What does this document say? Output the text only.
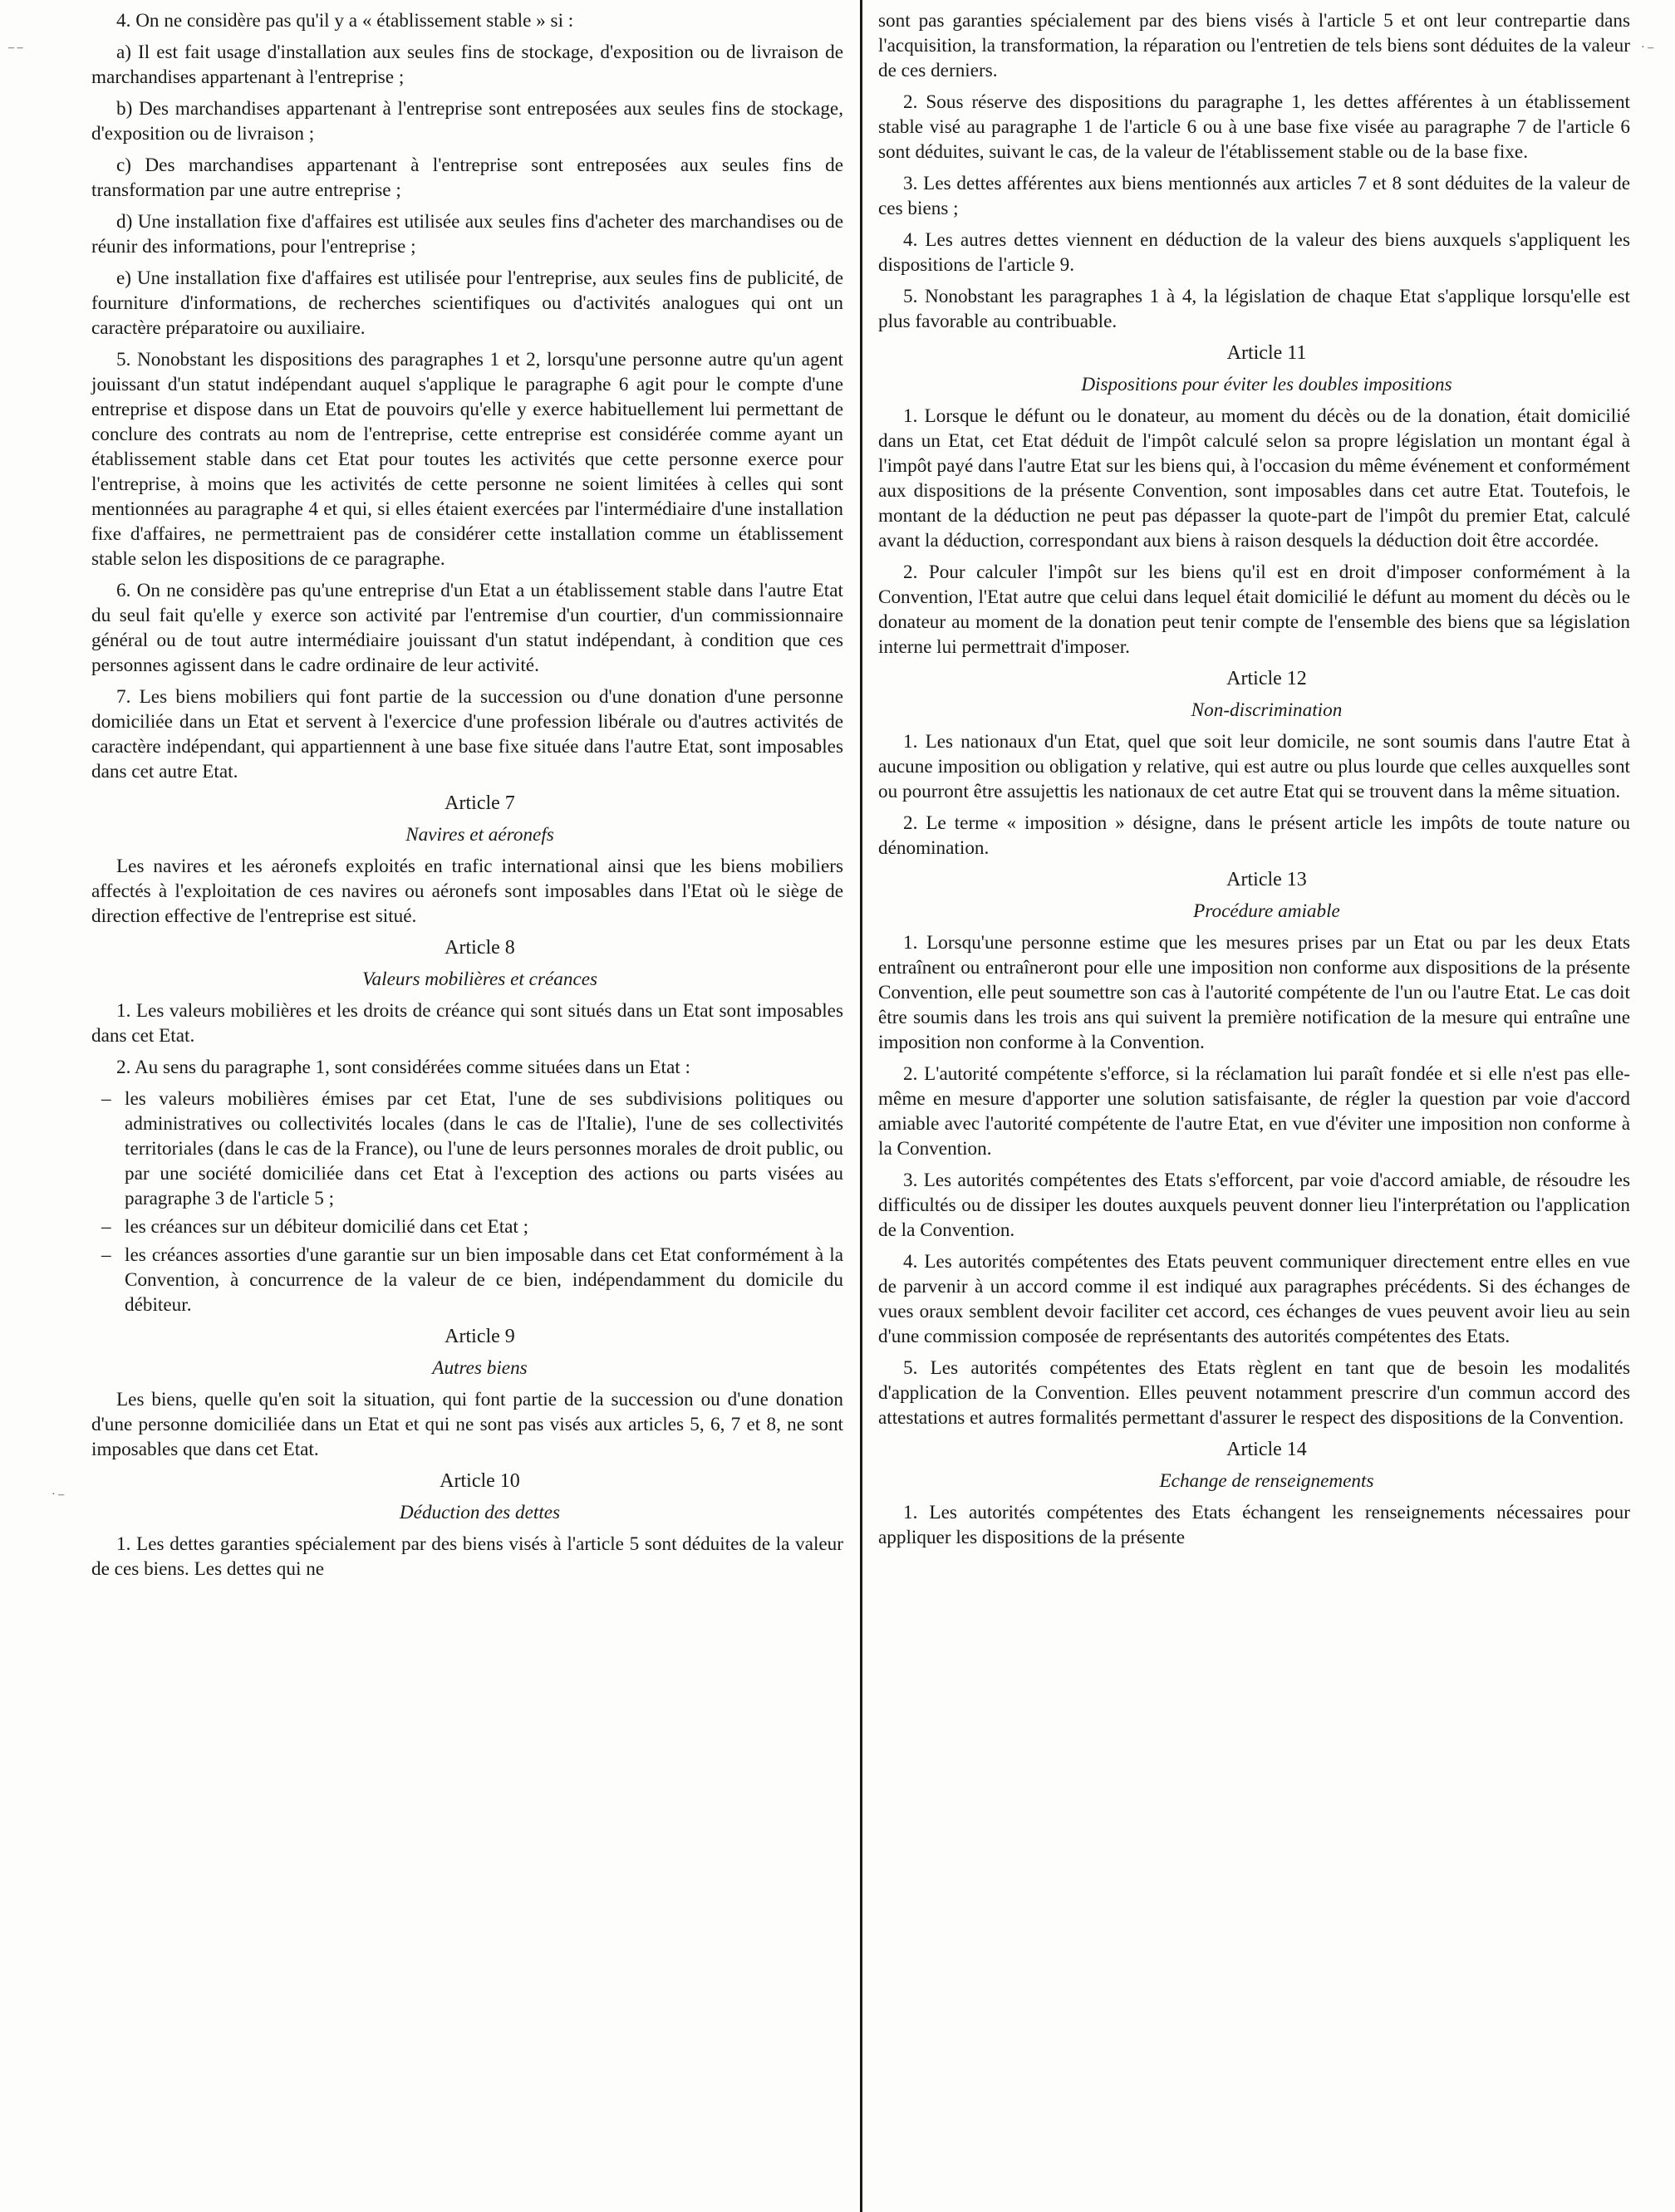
– –
· –
· –

4. On ne considère pas qu'il y a « établissement stable » si :

a) Il est fait usage d'installation aux seules fins de stockage, d'exposition ou de livraison de marchandises appartenant à l'entreprise ;

b) Des marchandises appartenant à l'entreprise sont entreposées aux seules fins de stockage, d'exposition ou de livraison ;

c) Des marchandises appartenant à l'entreprise sont entreposées aux seules fins de transformation par une autre entreprise ;

d) Une installation fixe d'affaires est utilisée aux seules fins d'acheter des marchandises ou de réunir des informations, pour l'entreprise ;

e) Une installation fixe d'affaires est utilisée pour l'entreprise, aux seules fins de publicité, de fourniture d'informations, de recherches scientifiques ou d'activités analogues qui ont un caractère préparatoire ou auxiliaire.

5. Nonobstant les dispositions des paragraphes 1 et 2, lorsqu'une personne autre qu'un agent jouissant d'un statut indépendant auquel s'applique le paragraphe 6 agit pour le compte d'une entreprise et dispose dans un Etat de pouvoirs qu'elle y exerce habituellement lui permettant de conclure des contrats au nom de l'entreprise, cette entreprise est considérée comme ayant un établissement stable dans cet Etat pour toutes les activités que cette personne exerce pour l'entreprise, à moins que les activités de cette personne ne soient limitées à celles qui sont mentionnées au paragraphe 4 et qui, si elles étaient exercées par l'intermédiaire d'une installation fixe d'affaires, ne permettraient pas de considérer cette installation comme un établissement stable selon les dispositions de ce paragraphe.

6. On ne considère pas qu'une entreprise d'un Etat a un établissement stable dans l'autre Etat du seul fait qu'elle y exerce son activité par l'entremise d'un courtier, d'un commissionnaire général ou de tout autre intermédiaire jouissant d'un statut indépendant, à condition que ces personnes agissent dans le cadre ordinaire de leur activité.

7. Les biens mobiliers qui font partie de la succession ou d'une donation d'une personne domiciliée dans un Etat et servent à l'exercice d'une profession libérale ou d'autres activités de caractère indépendant, qui appartiennent à une base fixe située dans l'autre Etat, sont imposables dans cet autre Etat.

Article 7

Navires et aéronefs

Les navires et les aéronefs exploités en trafic international ainsi que les biens mobiliers affectés à l'exploitation de ces navires ou aéronefs sont imposables dans l'Etat où le siège de direction effective de l'entreprise est situé.

Article 8

Valeurs mobilières et créances

1. Les valeurs mobilières et les droits de créance qui sont situés dans un Etat sont imposables dans cet Etat.

2. Au sens du paragraphe 1, sont considérées comme situées dans un Etat :

– les valeurs mobilières émises par cet Etat, l'une de ses subdivisions politiques ou administratives ou collectivités locales (dans le cas de l'Italie), l'une de ses collectivités territoriales (dans le cas de la France), ou l'une de leurs personnes morales de droit public, ou par une société domiciliée dans cet Etat à l'exception des actions ou parts visées au paragraphe 3 de l'article 5 ;
– les créances sur un débiteur domicilié dans cet Etat ;
– les créances assorties d'une garantie sur un bien imposable dans cet Etat conformément à la Convention, à concurrence de la valeur de ce bien, indépendamment du domicile du débiteur.

Article 9

Autres biens

Les biens, quelle qu'en soit la situation, qui font partie de la succession ou d'une donation d'une personne domiciliée dans un Etat et qui ne sont pas visés aux articles 5, 6, 7 et 8, ne sont imposables que dans cet Etat.

Article 10

Déduction des dettes

1. Les dettes garanties spécialement par des biens visés à l'article 5 sont déduites de la valeur de ces biens. Les dettes qui ne

sont pas garanties spécialement par des biens visés à l'article 5 et ont leur contrepartie dans l'acquisition, la transformation, la réparation ou l'entretien de tels biens sont déduites de la valeur de ces derniers.

2. Sous réserve des dispositions du paragraphe 1, les dettes afférentes à un établissement stable visé au paragraphe 1 de l'article 6 ou à une base fixe visée au paragraphe 7 de l'article 6 sont déduites, suivant le cas, de la valeur de l'établissement stable ou de la base fixe.

3. Les dettes afférentes aux biens mentionnés aux articles 7 et 8 sont déduites de la valeur de ces biens ;

4. Les autres dettes viennent en déduction de la valeur des biens auxquels s'appliquent les dispositions de l'article 9.

5. Nonobstant les paragraphes 1 à 4, la législation de chaque Etat s'applique lorsqu'elle est plus favorable au contribuable.

Article 11

Dispositions pour éviter les doubles impositions

1. Lorsque le défunt ou le donateur, au moment du décès ou de la donation, était domicilié dans un Etat, cet Etat déduit de l'impôt calculé selon sa propre législation un montant égal à l'impôt payé dans l'autre Etat sur les biens qui, à l'occasion du même événement et conformément aux dispositions de la présente Convention, sont imposables dans cet autre Etat. Toutefois, le montant de la déduction ne peut pas dépasser la quote-part de l'impôt du premier Etat, calculé avant la déduction, correspondant aux biens à raison desquels la déduction doit être accordée.

2. Pour calculer l'impôt sur les biens qu'il est en droit d'imposer conformément à la Convention, l'Etat autre que celui dans lequel était domicilié le défunt au moment du décès ou le donateur au moment de la donation peut tenir compte de l'ensemble des biens que sa législation interne lui permettrait d'imposer.

Article 12

Non-discrimination

1. Les nationaux d'un Etat, quel que soit leur domicile, ne sont soumis dans l'autre Etat à aucune imposition ou obligation y relative, qui est autre ou plus lourde que celles auxquelles sont ou pourront être assujettis les nationaux de cet autre Etat qui se trouvent dans la même situation.

2. Le terme « imposition » désigne, dans le présent article les impôts de toute nature ou dénomination.

Article 13

Procédure amiable

1. Lorsqu'une personne estime que les mesures prises par un Etat ou par les deux Etats entraînent ou entraîneront pour elle une imposition non conforme aux dispositions de la présente Convention, elle peut soumettre son cas à l'autorité compétente de l'un ou l'autre Etat. Le cas doit être soumis dans les trois ans qui suivent la première notification de la mesure qui entraîne une imposition non conforme à la Convention.

2. L'autorité compétente s'efforce, si la réclamation lui paraît fondée et si elle n'est pas elle-même en mesure d'apporter une solution satisfaisante, de régler la question par voie d'accord amiable avec l'autorité compétente de l'autre Etat, en vue d'éviter une imposition non conforme à la Convention.

3. Les autorités compétentes des Etats s'efforcent, par voie d'accord amiable, de résoudre les difficultés ou de dissiper les doutes auxquels peuvent donner lieu l'interprétation ou l'application de la Convention.

4. Les autorités compétentes des Etats peuvent communiquer directement entre elles en vue de parvenir à un accord comme il est indiqué aux paragraphes précédents. Si des échanges de vues oraux semblent devoir faciliter cet accord, ces échanges de vues peuvent avoir lieu au sein d'une commission composée de représentants des autorités compétentes des Etats.

5. Les autorités compétentes des Etats règlent en tant que de besoin les modalités d'application de la Convention. Elles peuvent notamment prescrire d'un commun accord des attestations et autres formalités permettant d'assurer le respect des dispositions de la Convention.

Article 14

Echange de renseignements

1. Les autorités compétentes des Etats échangent les renseignements nécessaires pour appliquer les dispositions de la présente
